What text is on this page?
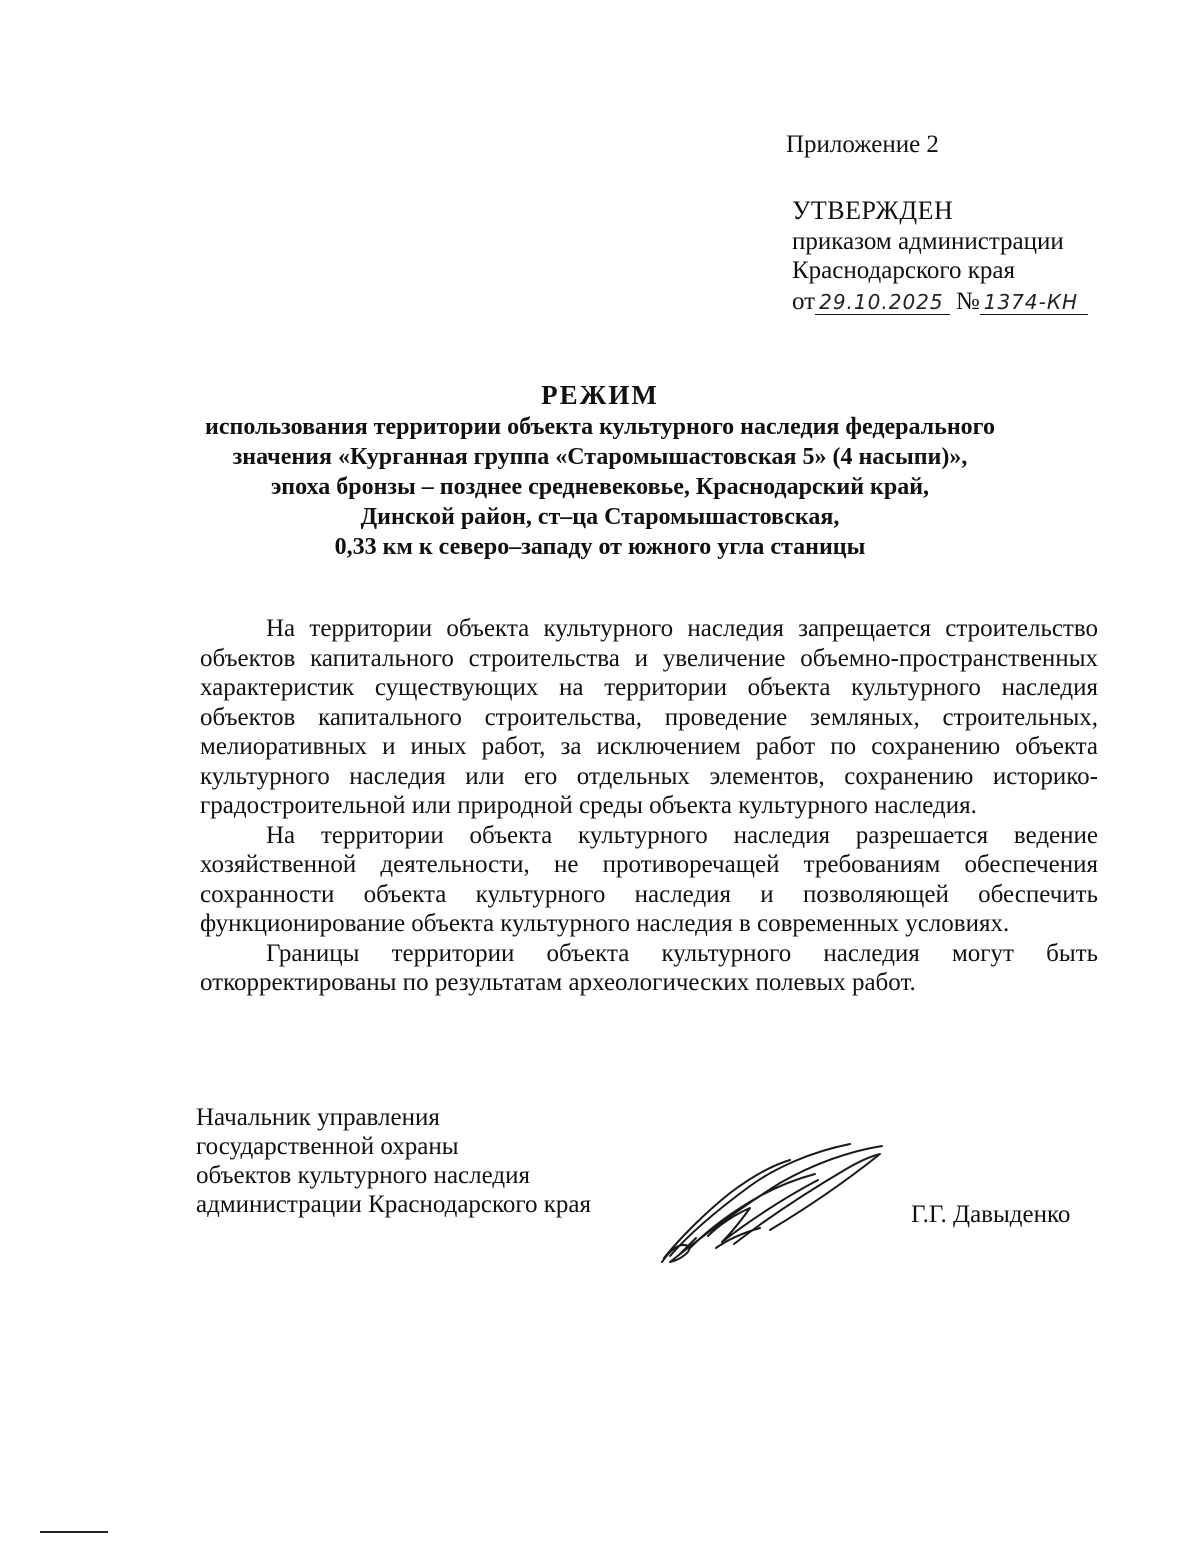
Приложение 2
УТВЕРЖДЕН
приказом администрации
Краснодарского края
от 29.10.2025 № 1374-КН
РЕЖИМ
использования территории объекта культурного наследия федерального
значения «Курганная группа «Старомышастовская 5» (4 насыпи)»,
эпоха бронзы – позднее средневековье, Краснодарский край,
Динской район, ст–ца Старомышастовская,
0,33 км к северо–западу от южного угла станицы

На территории объекта культурного наследия запрещается строительство объектов капитального строительства и увеличение объемно-пространственных характеристик существующих на территории объекта культурного наследия объектов капитального строительства, проведение земляных, строительных, мелиоративных и иных работ, за исключением работ по сохранению объекта культурного наследия или его отдельных элементов, сохранению историко-градостроительной или природной среды объекта культурного наследия.

На территории объекта культурного наследия разрешается ведение хозяйственной деятельности, не противоречащей требованиям обеспечения сохранности объекта культурного наследия и позволяющей обеспечить функционирование объекта культурного наследия в современных условиях.

Границы территории объекта культурного наследия могут быть откорректированы по результатам археологических полевых работ.

Начальник управления
государственной охраны
объектов культурного наследия
администрации Краснодарского края	Г.Г. Давыденко
